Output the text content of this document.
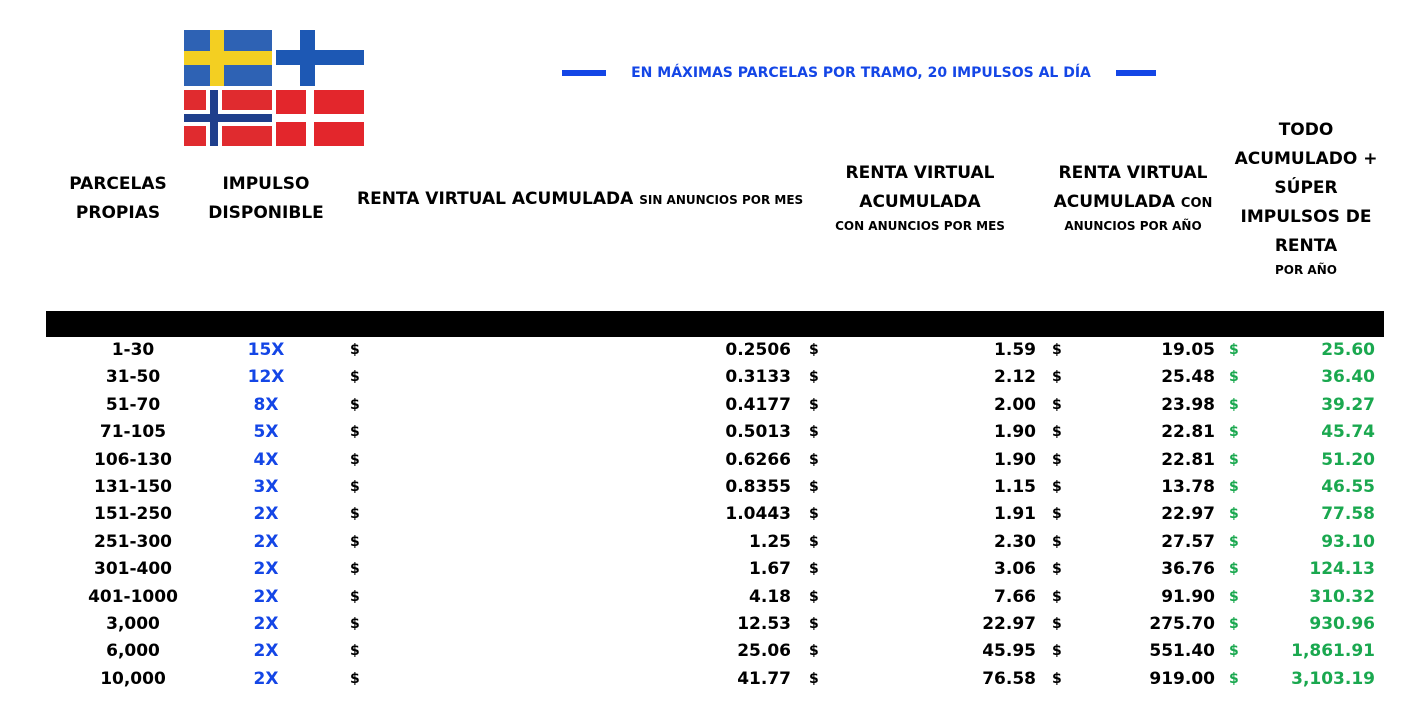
EN MÁXIMAS PARCELAS POR TRAMO, 20 IMPULSOS AL DÍA
PARCELAS
PROPIAS
IMPULSO
DISPONIBLE
RENTA VIRTUAL ACUMULADA SIN ANUNCIOS POR MES
RENTA VIRTUAL
ACUMULADA
CON ANUNCIOS POR MES
RENTA VIRTUAL
ACUMULADA CON
ANUNCIOS POR AÑO
TODO
ACUMULADO +
SÚPER
IMPULSOS DE
RENTA
POR AÑO
1-30	15X	$	0.2506 $	1.59 $	19.05 $	25.60
31-50	12X	$	0.3133 $	2.12 $	25.48 $	36.40
51-70	8X	$	0.4177 $	2.00 $	23.98 $	39.27
71-105	5X	$	0.5013 $	1.90 $	22.81 $	45.74
106-130	4X	$	0.6266 $	1.90 $	22.81 $	51.20
131-150	3X	$	0.8355 $	1.15 $	13.78 $	46.55
151-250	2X	$	1.0443 $	1.91 $	22.97 $	77.58
251-300	2X	$	1.25 $	2.30 $	27.57 $	93.10
301-400	2X	$	1.67 $	3.06 $	36.76 $	124.13
401-1000	2X	$	4.18 $	7.66 $	91.90 $	310.32
3,000	2X	$	12.53 $	22.97 $	275.70 $	930.96
6,000	2X	$	25.06 $	45.95 $	551.40 $	1,861.91
10,000	2X	$	41.77 $	76.58 $	919.00 $	3,103.19
